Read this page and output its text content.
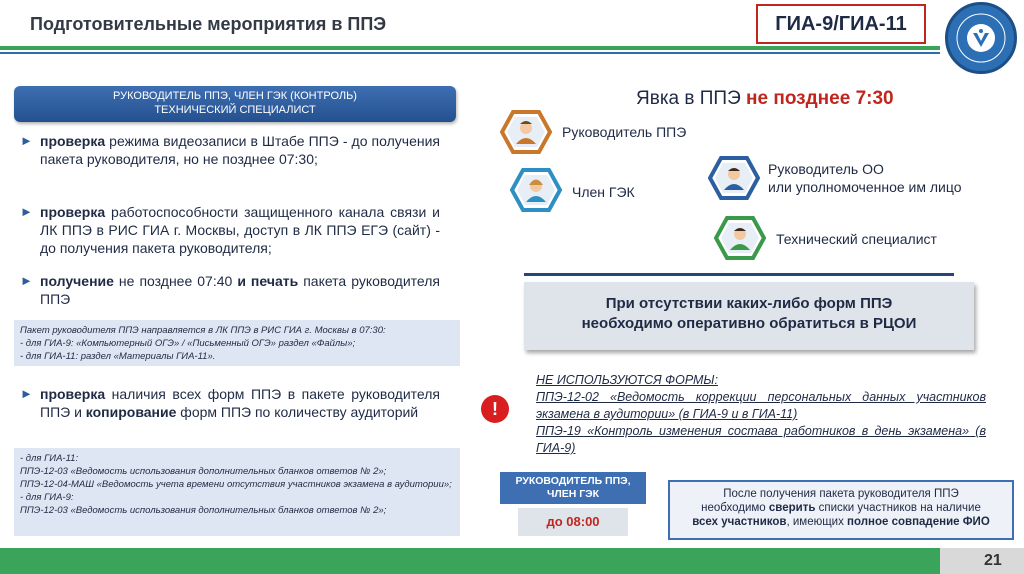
Подготовительные мероприятия в ППЭ	ГИА-9/ГИА-11
РУКОВОДИТЕЛЬ ППЭ, ЧЛЕН ГЭК (КОНТРОЛЬ)
ТЕХНИЧЕСКИЙ СПЕЦИАЛИСТ
► проверка режима видеозаписи в Штабе ППЭ - до получения пакета руководителя, но не позднее 07:30;
► проверка работоспособности защищенного канала связи и ЛК ППЭ в РИС ГИА г. Москвы, доступ в ЛК ППЭ ЕГЭ (сайт) - до получения пакета руководителя;
► получение не позднее 07:40 и печать пакета руководителя ППЭ
Пакет руководителя ППЭ направляется в ЛК ППЭ в РИС ГИА г. Москвы в 07:30:
- для ГИА-9: «Компьютерный ОГЭ» / «Письменный ОГЭ» раздел «Файлы»;
- для ГИА-11: раздел «Материалы ГИА-11».
► проверка наличия всех форм ППЭ в пакете руководителя ППЭ и копирование форм ППЭ по количеству аудиторий
- для ГИА-11:
ППЭ-12-03 «Ведомость использования дополнительных бланков ответов № 2»;
ППЭ-12-04-МАШ «Ведомость учета времени отсутствия участников экзамена в аудитории»;
- для ГИА-9:
ППЭ-12-03 «Ведомость использования дополнительных бланков ответов № 2»;
Явка в ППЭ не позднее 7:30
Руководитель ППЭ
Член ГЭК
Руководитель ОО
или уполномоченное им лицо
Технический специалист
При отсутствии каких-либо форм ППЭ
необходимо оперативно обратиться в РЦОИ
!
НЕ ИСПОЛЬЗУЮТСЯ ФОРМЫ:
ППЭ-12-02 «Ведомость коррекции персональных данных участников экзамена в аудитории» (в ГИА-9 и в ГИА-11)
ППЭ-19 «Контроль изменения состава работников в день экзамена» (в ГИА-9)
РУКОВОДИТЕЛЬ ППЭ,
ЧЛЕН ГЭК
до 08:00
После получения пакета руководителя ППЭ
необходимо сверить списки участников на наличие
всех участников, имеющих полное совпадение ФИО
21
